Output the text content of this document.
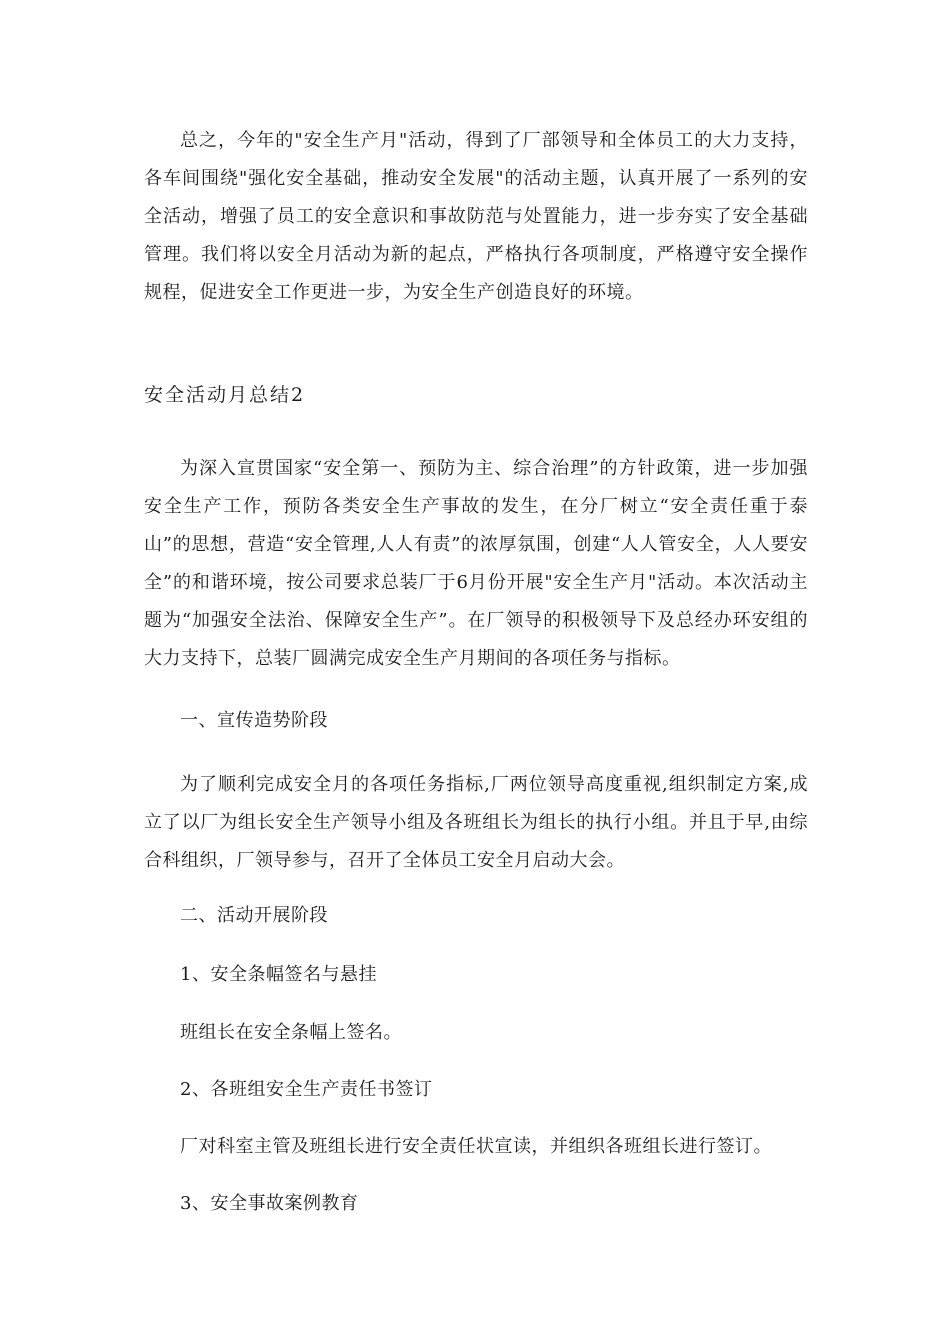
总之，今年的"安全生产月"活动，得到了厂部领导和全体员工的大力支持，各车间围绕"强化安全基础，推动安全发展"的活动主题，认真开展了一系列的安全活动，增强了员工的安全意识和事故防范与处置能力，进一步夯实了安全基础管理。我们将以安全月活动为新的起点，严格执行各项制度，严格遵守安全操作规程，促进安全工作更进一步，为安全生产创造良好的环境。

安全活动月总结2

为深入宣贯国家“安全第一、预防为主、综合治理”的方针政策，进一步加强安全生产工作，预防各类安全生产事故的发生，在分厂树立“安全责任重于泰山”的思想，营造“安全管理,人人有责”的浓厚氛围，创建“人人管安全，人人要安全”的和谐环境，按公司要求总装厂于6月份开展"安全生产月"活动。本次活动主题为“加强安全法治、保障安全生产”。在厂领导的积极领导下及总经办环安组的大力支持下，总装厂圆满完成安全生产月期间的各项任务与指标。

一、宣传造势阶段

为了顺利完成安全月的各项任务指标,厂两位领导高度重视,组织制定方案,成立了以厂为组长安全生产领导小组及各班组长为组长的执行小组。并且于早,由综合科组织，厂领导参与，召开了全体员工安全月启动大会。

二、活动开展阶段

1、安全条幅签名与悬挂

班组长在安全条幅上签名。

2、各班组安全生产责任书签订

厂对科室主管及班组长进行安全责任状宣读，并组织各班组长进行签订。

3、安全事故案例教育
